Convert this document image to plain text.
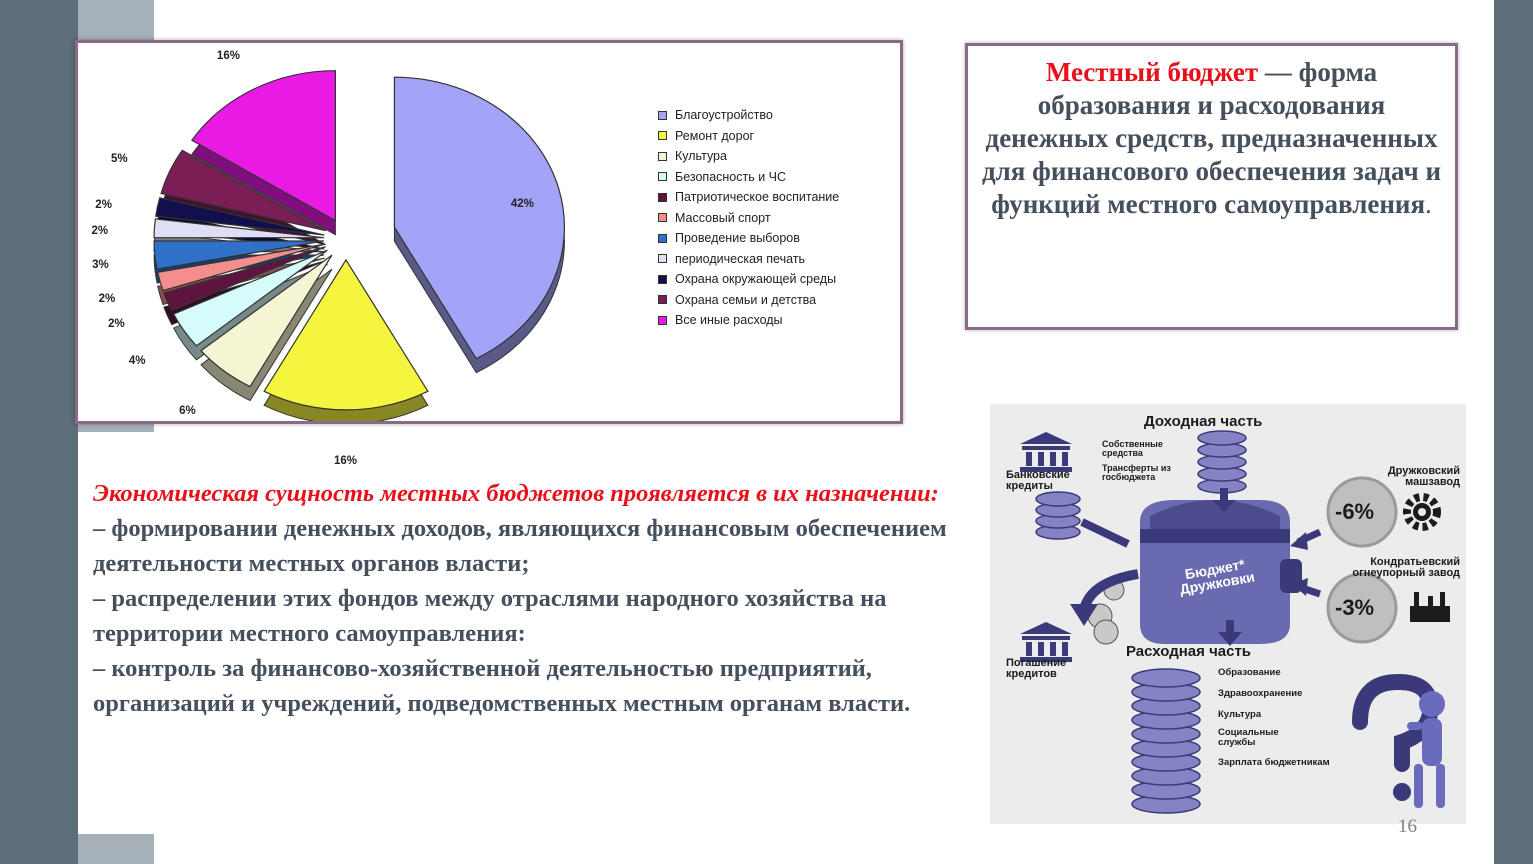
42%
16%
6%
4%
2%
2%
3%
2%
2%
5%
16%
Благоустройство
Ремонт дорог
Культура
Безопасность и ЧС
Патриотическое воспитание
Массовый спорт
Проведение выборов
периодическая печать
Охрана окружающей среды
Охрана семьи и детства
Все иные расходы
Местный бюджет — форма образования и расходования денежных средств, предназначенных для финансового обеспечения задач и функций местного самоуправления.
Экономическая сущность местных бюджетов проявляется в их назначении:
– формировании денежных доходов, являющихся финансовым обеспечением деятельности местных органов власти;
– распределении этих фондов между отраслями народного хозяйства на территории местного самоуправления:
– контроль за финансово-хозяйственной деятельностью предприятий, организаций и учреждений, подведомственных местным органам власти.
Доходная часть
Собственные средства
Трансферты из госбюджета
Банковские кредиты
Дружковский машзавод
-6%
Кондратьевский огнеупорный завод
-3%
Бюджет* Дружковки
Погашение кредитов
Расходная часть
Образование
Здравоохранение
Культура
Социальные службы
Зарплата бюджетникам
16
